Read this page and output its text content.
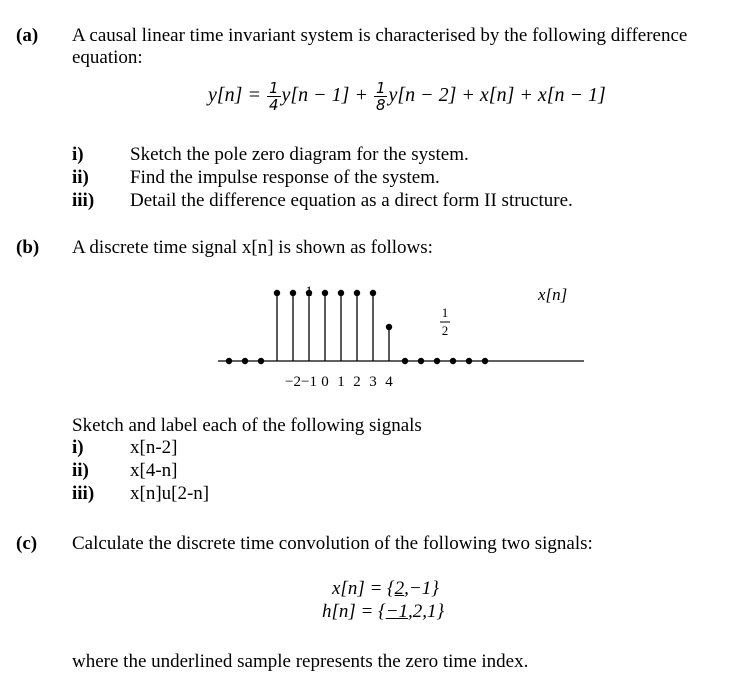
(a) A causal linear time invariant system is characterised by the following difference
equation:
$y[n] = \frac{1}{4} y[n - 1] + \frac{1}{8} y[n - 2] + x[n] + x[n - 1]$
i) Sketch the pole zero diagram for the system.
ii) Find the impulse response of the system.
iii) Detail the difference equation as a direct form II structure.
(b) A discrete time signal x[n] is shown as follows:
−2 −1 0 1 2 3 4
1
1
2
x[n]
Sketch and label each of the following signals
i) x[n-2]
ii) x[4-n]
iii) x[n]u[2-n]
(c) Calculate the discrete time convolution of the following two signals:
x[n] = {2,−1}
h[n] = {−1,2,1}
where the underlined sample represents the zero time index.
